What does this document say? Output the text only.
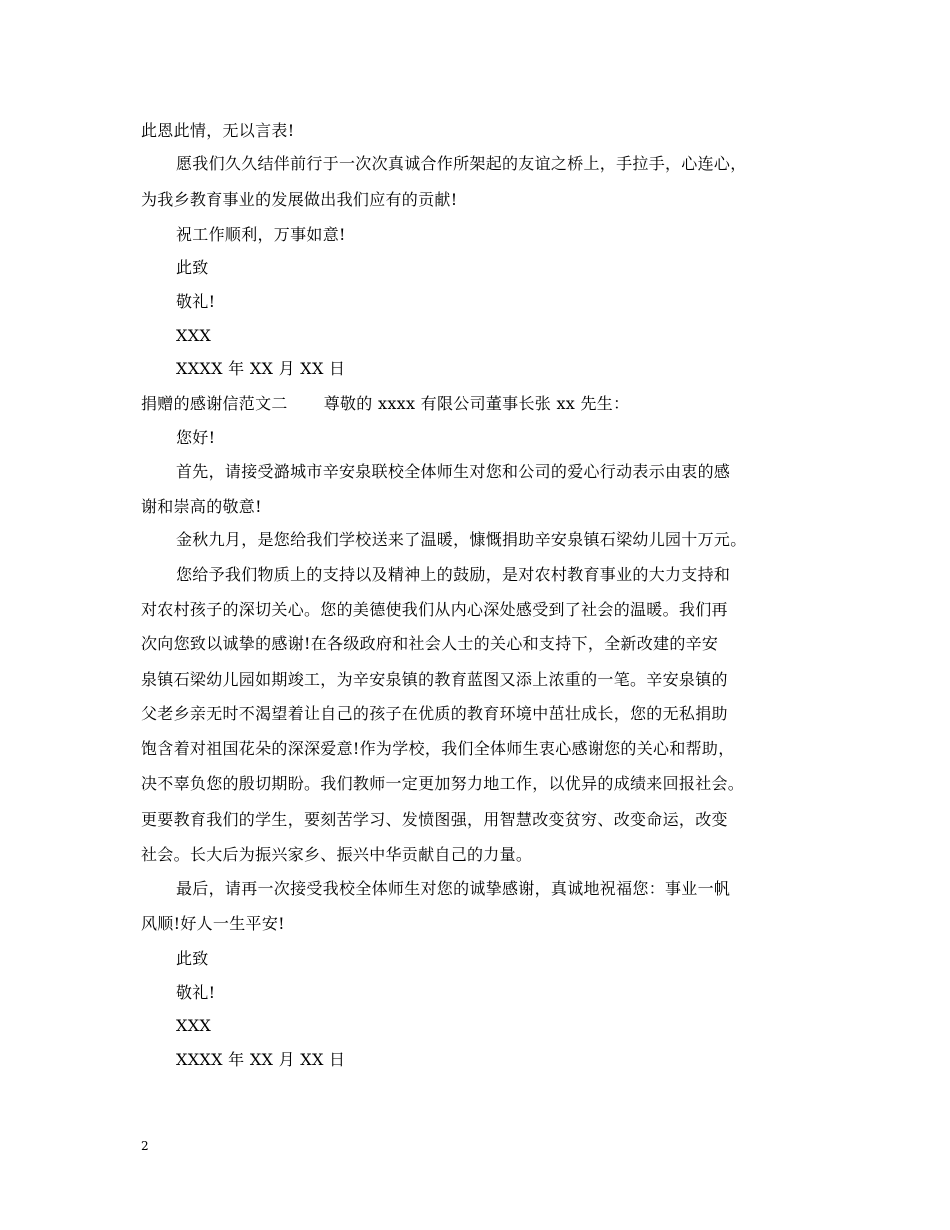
此恩此情，无以言表!
愿我们久久结伴前行于一次次真诚合作所架起的友谊之桥上，手拉手，心连心，
为我乡教育事业的发展做出我们应有的贡献!
祝工作顺利，万事如意!
此致
敬礼!
XXX
XXXX 年 XX 月 XX 日
捐赠的感谢信范文二 尊敬的 xxxx 有限公司董事长张 xx 先生：
您好!
首先，请接受潞城市辛安泉联校全体师生对您和公司的爱心行动表示由衷的感
谢和崇高的敬意!
金秋九月，是您给我们学校送来了温暖，慷慨捐助辛安泉镇石梁幼儿园十万元。
您给予我们物质上的支持以及精神上的鼓励，是对农村教育事业的大力支持和
对农村孩子的深切关心。您的美德使我们从内心深处感受到了社会的温暖。我们再
次向您致以诚挚的感谢!在各级政府和社会人士的关心和支持下，全新改建的辛安
泉镇石梁幼儿园如期竣工，为辛安泉镇的教育蓝图又添上浓重的一笔。辛安泉镇的
父老乡亲无时不渴望着让自己的孩子在优质的教育环境中茁壮成长，您的无私捐助
饱含着对祖国花朵的深深爱意!作为学校，我们全体师生衷心感谢您的关心和帮助，
决不辜负您的殷切期盼。我们教师一定更加努力地工作，以优异的成绩来回报社会。
更要教育我们的学生，要刻苦学习、发愤图强，用智慧改变贫穷、改变命运，改变
社会。长大后为振兴家乡、振兴中华贡献自己的力量。
最后，请再一次接受我校全体师生对您的诚挚感谢，真诚地祝福您：事业一帆
风顺!好人一生平安!
此致
敬礼!
XXX
XXXX 年 XX 月 XX 日
2
